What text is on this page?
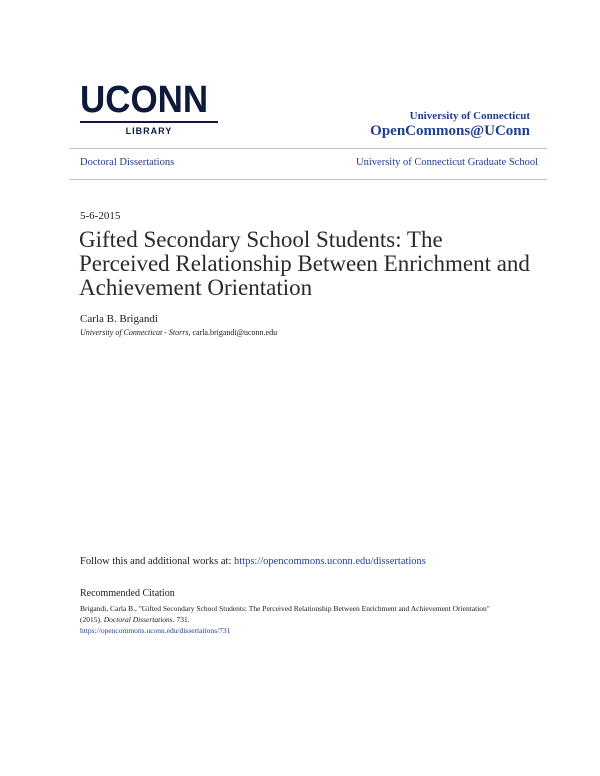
UCONN
LIBRARY
University of Connecticut
OpenCommons@UConn
Doctoral Dissertations	University of Connecticut Graduate School
5-6-2015
Gifted Secondary School Students: The Perceived Relationship Between Enrichment and Achievement Orientation
Carla B. Brigandi
University of Connecticut - Storrs, carla.brigandi@uconn.edu
Follow this and additional works at: https://opencommons.uconn.edu/dissertations
Recommended Citation
Brigandi, Carla B., "Gifted Secondary School Students: The Perceived Relationship Between Enrichment and Achievement Orientation" (2015). Doctoral Dissertations. 731.
https://opencommons.uconn.edu/dissertations/731
